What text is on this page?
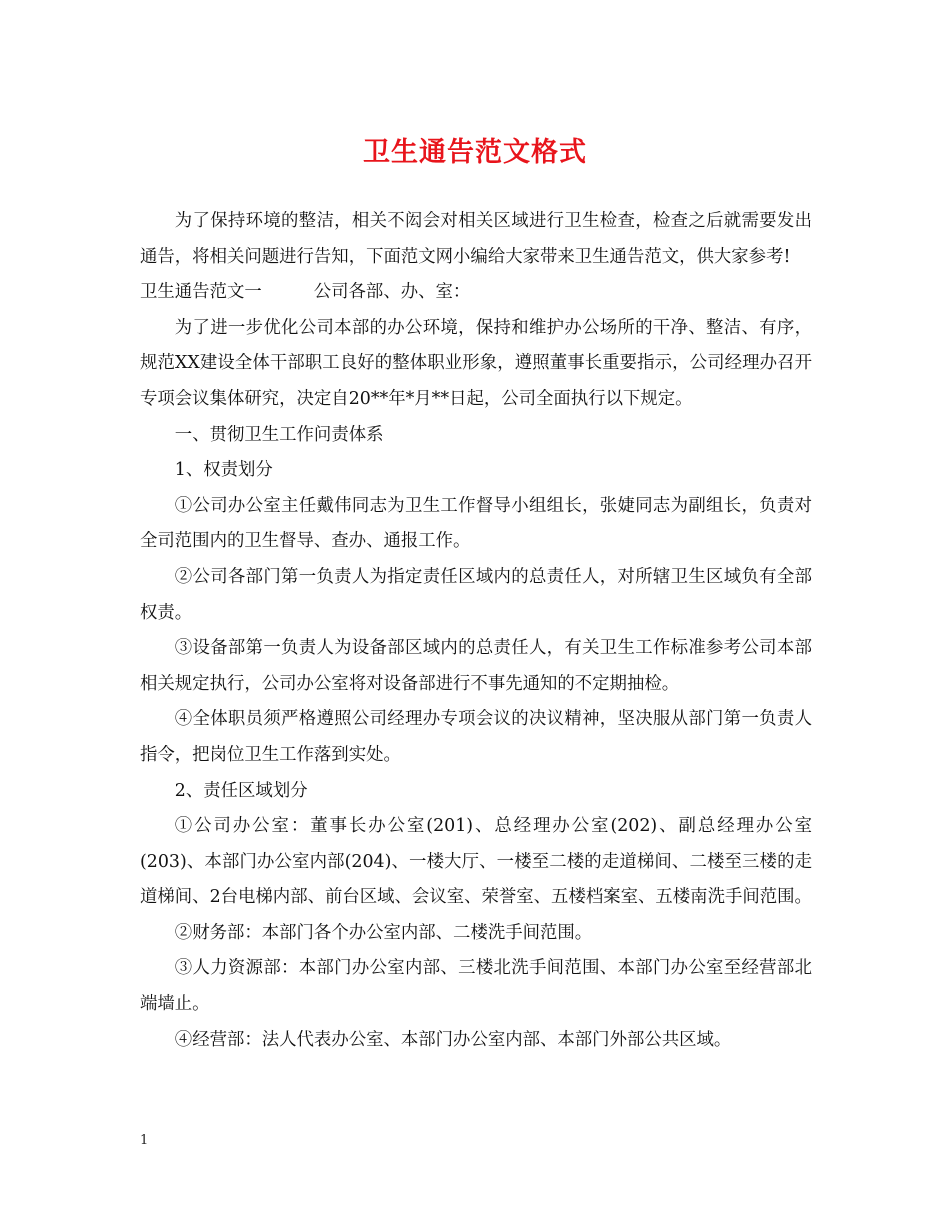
卫生通告范文格式

为了保持环境的整洁，相关不闳会对相关区域进行卫生检查，检查之后就需要发出通告，将相关问题进行告知，下面范文网小编给大家带来卫生通告范文，供大家参考!

卫生通告范文一	公司各部、办、室：

为了进一步优化公司本部的办公环境，保持和维护办公场所的干净、整洁、有序，规范XX建设全体干部职工良好的整体职业形象，遵照董事长重要指示，公司经理办召开专项会议集体研究，决定自20**年*月**日起，公司全面执行以下规定。

一、贯彻卫生工作问责体系

1、权责划分

①公司办公室主任戴伟同志为卫生工作督导小组组长，张婕同志为副组长，负责对全司范围内的卫生督导、查办、通报工作。

②公司各部门第一负责人为指定责任区域内的总责任人，对所辖卫生区域负有全部权责。

③设备部第一负责人为设备部区域内的总责任人，有关卫生工作标准参考公司本部相关规定执行，公司办公室将对设备部进行不事先通知的不定期抽检。

④全体职员须严格遵照公司经理办专项会议的决议精神，坚决服从部门第一负责人指令，把岗位卫生工作落到实处。

2、责任区域划分

①公司办公室：董事长办公室(201)、总经理办公室(202)、副总经理办公室(203)、本部门办公室内部(204)、一楼大厅、一楼至二楼的走道梯间、二楼至三楼的走道梯间、2台电梯内部、前台区域、会议室、荣誉室、五楼档案室、五楼南洗手间范围。

②财务部：本部门各个办公室内部、二楼洗手间范围。

③人力资源部：本部门办公室内部、三楼北洗手间范围、本部门办公室至经营部北端墙止。

④经营部：法人代表办公室、本部门办公室内部、本部门外部公共区域。

1
